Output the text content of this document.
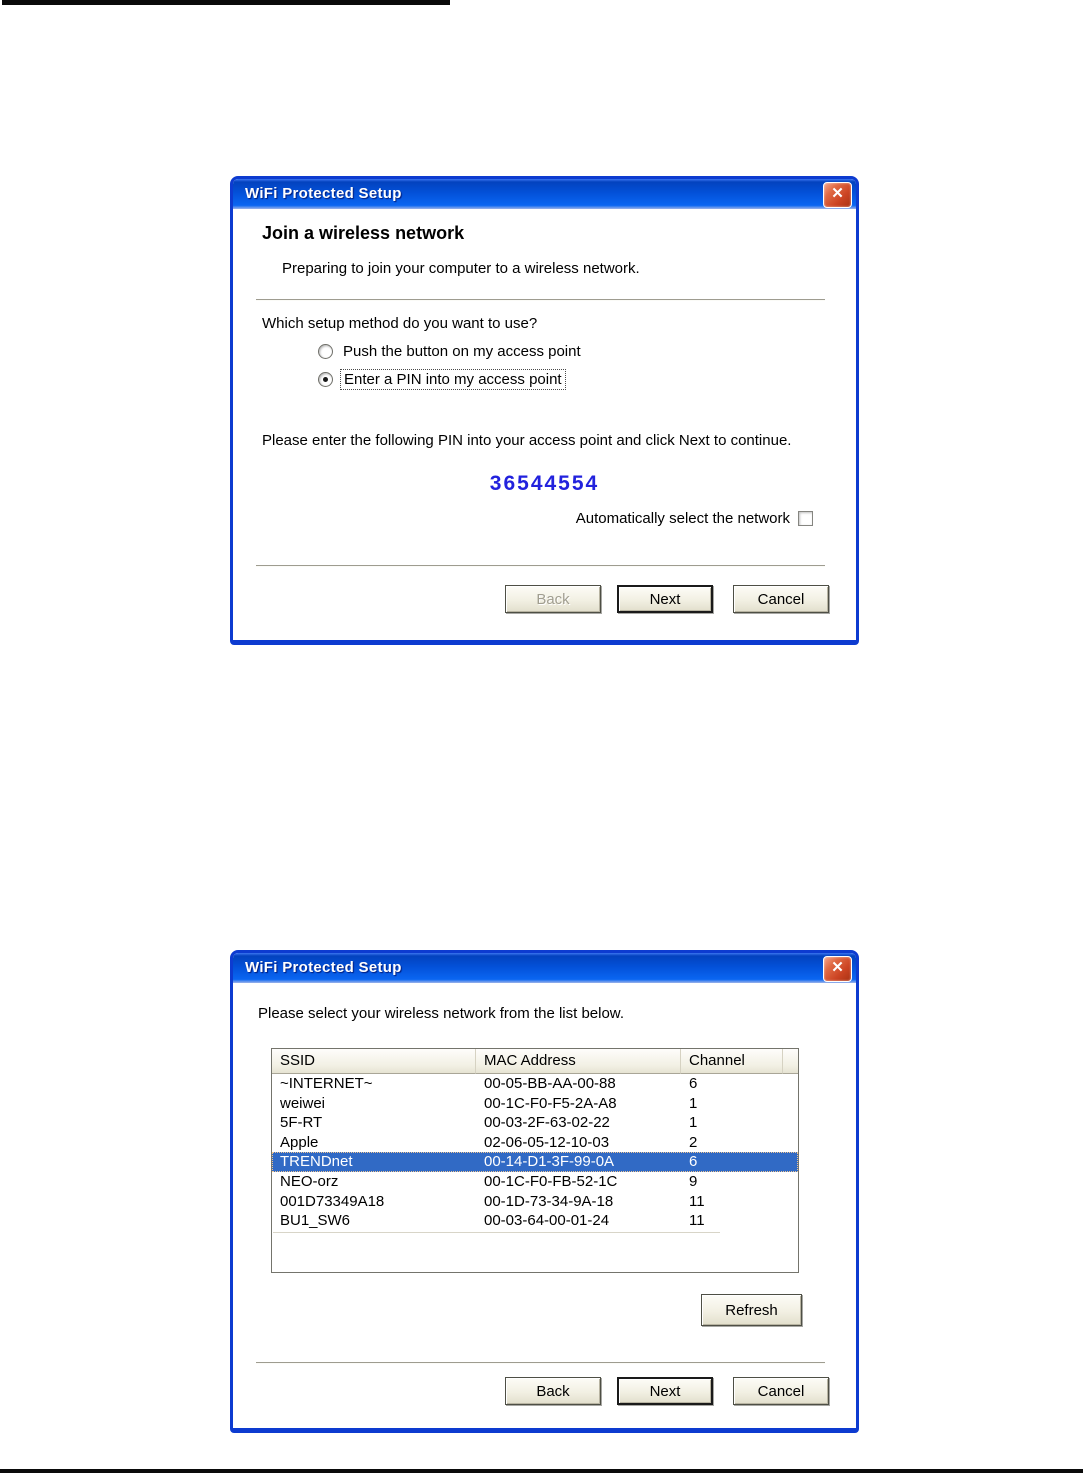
WiFi Protected Setup	✕
Join a wireless network
Preparing to join your computer to a wireless network.
Which setup method do you want to use?
Push the button on my access point
Enter a PIN into my access point
Please enter the following PIN into your access point and click Next to continue.
36544554
Automatically select the network
Back	Next	Cancel
WiFi Protected Setup	✕
Please select your wireless network from the list below.
SSID	MAC Address	Channel
~INTERNET~	00-05-BB-AA-00-88	6
weiwei	00-1C-F0-F5-2A-A8	1
5F-RT	00-03-2F-63-02-22	1
Apple	02-06-05-12-10-03	2
TRENDnet	00-14-D1-3F-99-0A	6
NEO-orz	00-1C-F0-FB-52-1C	9
001D73349A18	00-1D-73-34-9A-18	11
BU1_SW6	00-03-64-00-01-24	11
Refresh
Back	Next	Cancel
